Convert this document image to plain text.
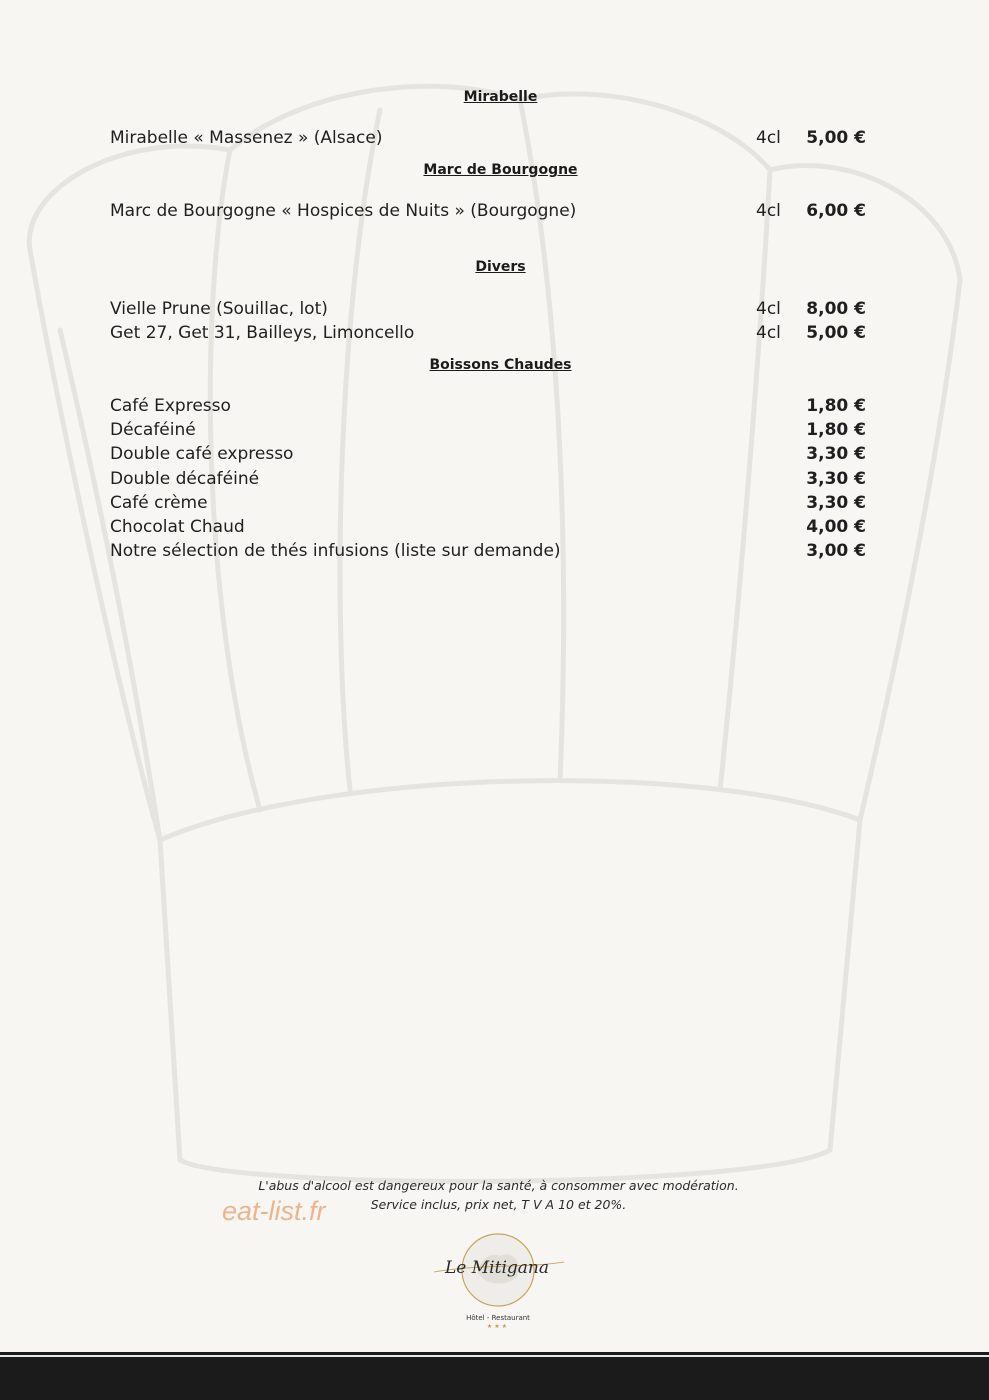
Mirabelle
Mirabelle « Massenez » (Alsace)	4cl 5,00 €
Marc de Bourgogne
Marc de Bourgogne « Hospices de Nuits » (Bourgogne)	4cl 6,00 €
Divers
Vielle Prune (Souillac, lot)	4cl 8,00 €
Get 27, Get 31, Bailleys, Limoncello	4cl 5,00 €
Boissons Chaudes
Café Expresso	1,80 €
Décaféiné	1,80 €
Double café expresso	3,30 €
Double décaféiné	3,30 €
Café crème	3,30 €
Chocolat Chaud	4,00 €
Notre sélection de thés infusions (liste sur demande)	3,00 €
L'abus d'alcool est dangereux pour la santé, à consommer avec modération.
Service inclus, prix net, T V A 10 et 20%.
eat-list.fr
Le Mitigana
Hôtel - Restaurant
★★★
